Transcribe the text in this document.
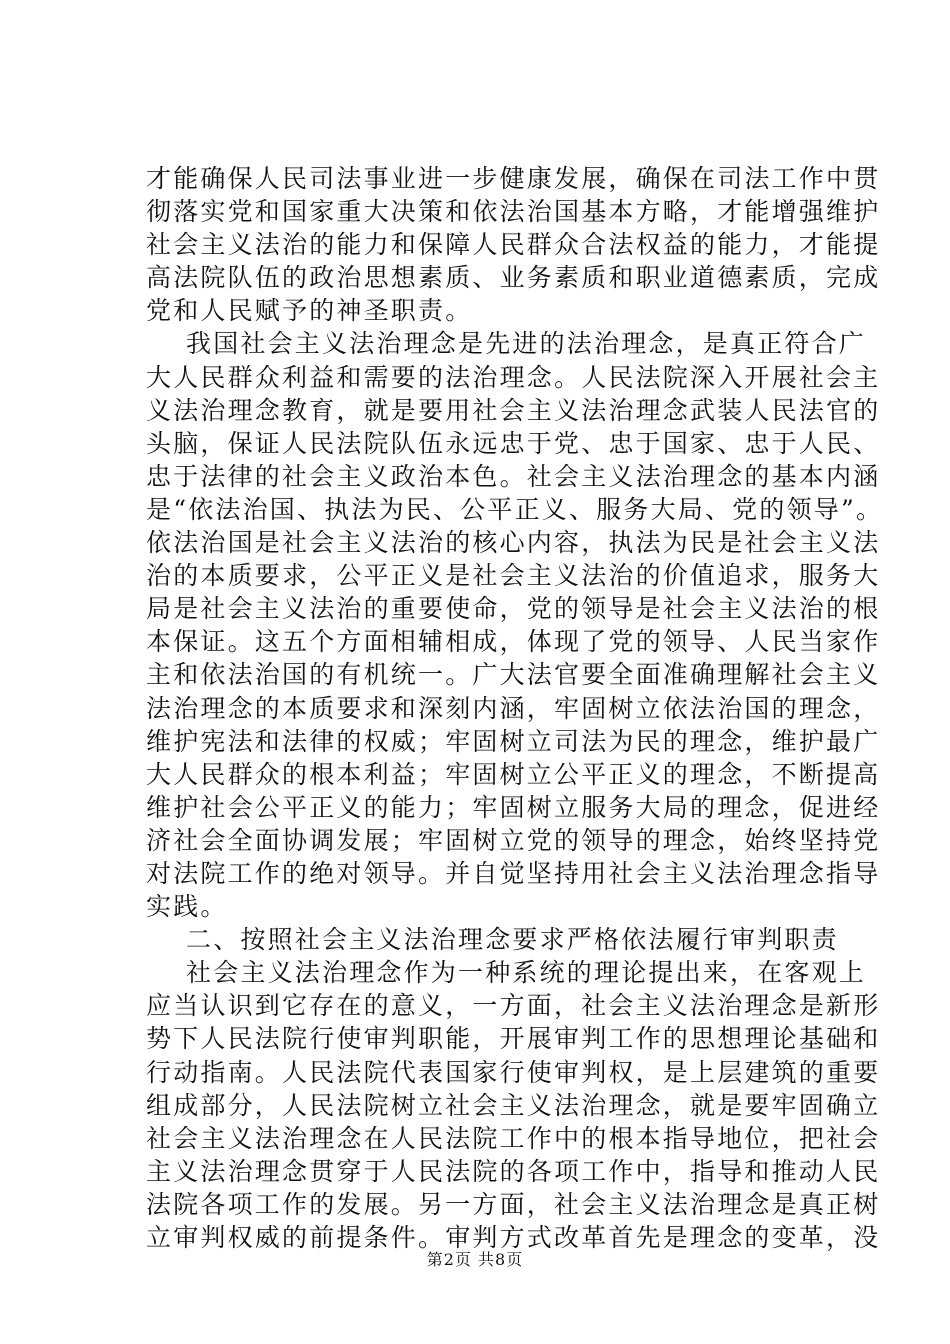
才能确保人民司法事业进一步健康发展，确保在司法工作中贯
彻落实党和国家重大决策和依法治国基本方略，才能增强维护
社会主义法治的能力和保障人民群众合法权益的能力，才能提
高法院队伍的政治思想素质、业务素质和职业道德素质，完成
党和人民赋予的神圣职责。
我国社会主义法治理念是先进的法治理念，是真正符合广
大人民群众利益和需要的法治理念。人民法院深入开展社会主
义法治理念教育，就是要用社会主义法治理念武装人民法官的
头脑，保证人民法院队伍永远忠于党、忠于国家、忠于人民、
忠于法律的社会主义政治本色。社会主义法治理念的基本内涵
是“依法治国、执法为民、公平正义、服务大局、党的领导”。
依法治国是社会主义法治的核心内容，执法为民是社会主义法
治的本质要求，公平正义是社会主义法治的价值追求，服务大
局是社会主义法治的重要使命，党的领导是社会主义法治的根
本保证。这五个方面相辅相成，体现了党的领导、人民当家作
主和依法治国的有机统一。广大法官要全面准确理解社会主义
法治理念的本质要求和深刻内涵，牢固树立依法治国的理念，
维护宪法和法律的权威；牢固树立司法为民的理念，维护最广
大人民群众的根本利益；牢固树立公平正义的理念，不断提高
维护社会公平正义的能力；牢固树立服务大局的理念，促进经
济社会全面协调发展；牢固树立党的领导的理念，始终坚持党
对法院工作的绝对领导。并自觉坚持用社会主义法治理念指导
实践。
二、按照社会主义法治理念要求严格依法履行审判职责
社会主义法治理念作为一种系统的理论提出来，在客观上
应当认识到它存在的意义，一方面，社会主义法治理念是新形
势下人民法院行使审判职能，开展审判工作的思想理论基础和
行动指南。人民法院代表国家行使审判权，是上层建筑的重要
组成部分，人民法院树立社会主义法治理念，就是要牢固确立
社会主义法治理念在人民法院工作中的根本指导地位，把社会
主义法治理念贯穿于人民法院的各项工作中，指导和推动人民
法院各项工作的发展。另一方面，社会主义法治理念是真正树
立审判权威的前提条件。审判方式改革首先是理念的变革，没
第2页 共8页
